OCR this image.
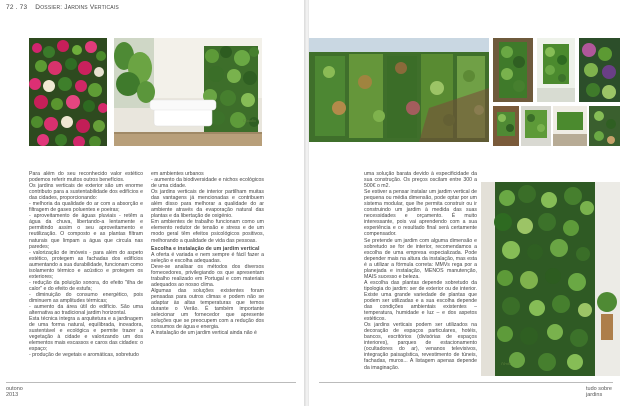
72 . 73 Dossier: Jardins Verticais
Claudio

Para além do seu reconhecido valor estético podemos referir muitos outros benefícios.

Os jardins verticais de exterior são um enorme contributo para a sustentabilidade dos edifícios e das cidades, proporcionando:

- melhoria da qualidade do ar com a absorção e filtragem de gases poluentes e poeiras;

- aproveitamento de águas pluviais - retêm a água da chuva, libertando-a lentamente e permitindo assim o seu aproveitamento e reutilização. O composto e as plantas filtram naturais que limpam a água que circula nas paredes;

- valorização de imóveis - para além do aspeto estético, protegem as fachadas dos edifícios aumentando a sua durabilidade, funcionam como isolamento térmico e acústico e protegem os exteriores;

- redução da poluição sonora, do efeito "ilha de calor" e do efeito de estufa;

- diminuição do consumo energético, pois diminuem as amplitudes térmicas;

- aumento da área útil do edifício. São uma alternativa ao tradicional jardim horizontal.

Esta técnica integra a arquitetura e a jardinagem de uma forma natural, equilibrada, inovadora, sustentável e ecológica e permite trazer a vegetação à cidade e valorizando um dos elementos mais escassos e caros das cidades: o espaço;

- produção de vegetais e aromáticas, sobretudo

em ambientes urbanos

- aumento da biodiversidade e nichos ecológicos de uma cidade.

Os jardins verticais de interior partilham muitas das vantagens já mencionadas e contribuem além disso para melhorar a qualidade do ar ambiente através da evaporação natural das plantas e da libertação de oxigénio.

Em ambientes de trabalho funcionam como um elemento redutor de tensão e stress e de um modo geral têm efeitos psicológicos positivos, melhorando a qualidade de vida das pessoas.

Escolha e instalação de um jardim vertical

A oferta é variada e nem sempre é fácil fazer a seleção e escolha adequadas.

Deve-se analisar os métodos dos diversos fornecedores, privilegiando os que apresentam trabalho realizado em Portugal e com materiais adequados ao nosso clima.

Algumas das soluções existentes foram pensadas para outros climas e podem não se adaptar às altas temperaturas que temos durante o Verão. É também importante selecionar um fornecedor que apresente soluções que se preocupem com a redução dos consumos de água e energia.

A instalação de um jardim vertical ainda não é

outono
2013

uma solução barata devido à especificidade da sua construção. Os preços oscilam entre 300 a 500€ o m2.

Se estiver a pensar instalar um jardim vertical de pequena ou média dimensão, pode optar por um sistema modular, que lhe permita construir ou ir construindo um jardim à medida das suas necessidades e orçamento. É muito interessante, pois vai aprendendo com a sua experiência e o resultado final será certamente compensador.

Se pretende um jardim com alguma dimensão e sobretudo se for de interior, recomendamos a escolha de uma empresa especializada. Pode depender mais na altura da instalação, mas esta é a utilizar a fórmula correta: MMVs rega por a planejada e instalação, MENOS manutenção, MAIS sucesso e beleza.

A escolha das plantas depende sobretudo da tipologia do jardim: ser de exterior ou de interior. Existe uma grande variedade de plantas que podem ser utilizadas e a sua escolha depende das condições ambientais existentes – temperatura, humidade e luz – e dos aspetos estéticos.

Os jardins verticais podem ser utilizados na decoração de espaços particulares, hotéis, bancos, escritórios (divisórias de espaços interiores), parques de estacionamento (ocultadores do ar), venanos televisivos, integração paisagística, revestimento de túneis, fachadas, muros... A listagem apenas depende da imaginação.

iVerde
tudo sobre
jardins
